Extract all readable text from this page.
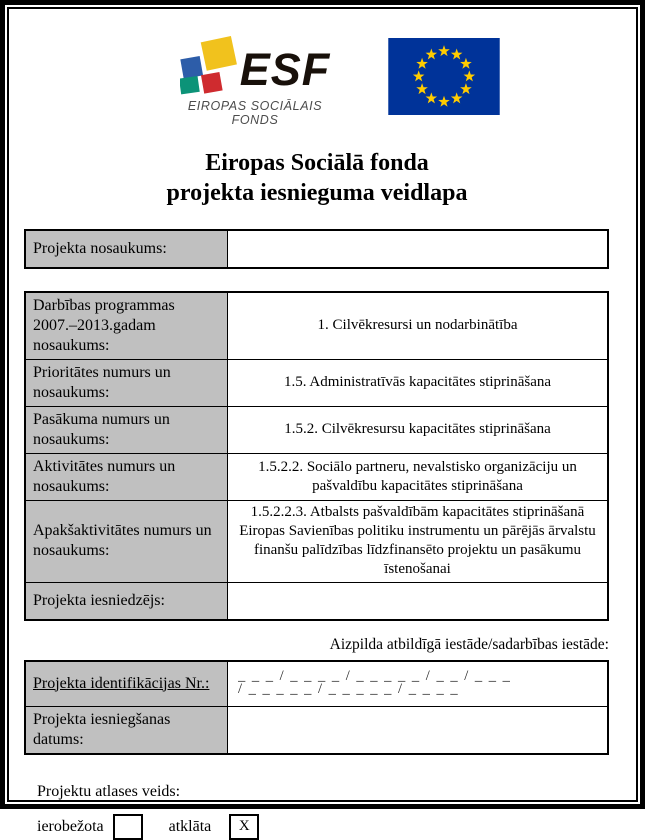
ESF
EIROPAS SOCIĀLAIS
FONDS
Eiropas Sociālā fonda
projekta iesnieguma veidlapa
Projekta nosaukums:	
Darbības programmas 2007.–2013.gadam nosaukums:	1. Cilvēkresursi un nodarbinātība
Prioritātes numurs un nosaukums:	1.5. Administratīvās kapacitātes stiprināšana
Pasākuma numurs un nosaukums:	1.5.2. Cilvēkresursu kapacitātes stiprināšana
Aktivitātes numurs un nosaukums:	1.5.2.2. Sociālo partneru, nevalstisko organizāciju un pašvaldību kapacitātes stiprināšana
Apakšaktivitātes numurs un nosaukums:	1.5.2.2.3. Atbalsts pašvaldībām kapacitātes stiprināšanā Eiropas Savienības politiku instrumentu un pārējās ārvalstu finanšu palīdzības līdzfinansēto projektu un pasākumu īstenošanai
Projekta iesniedzējs:	
Aizpilda atbildīgā iestāde/sadarbības iestāde:
Projekta identifikācijas Nr.:	_ _ _ / _ _ _ _ / _ _ _ _ _ / _ _ / _ _ _
/ _ _ _ _ _ / _ _ _ _ _ / _ _ _ _

Projekta iesniegšanas datums:	
Projektu atlases veids:
ierobežota	atklāta X
